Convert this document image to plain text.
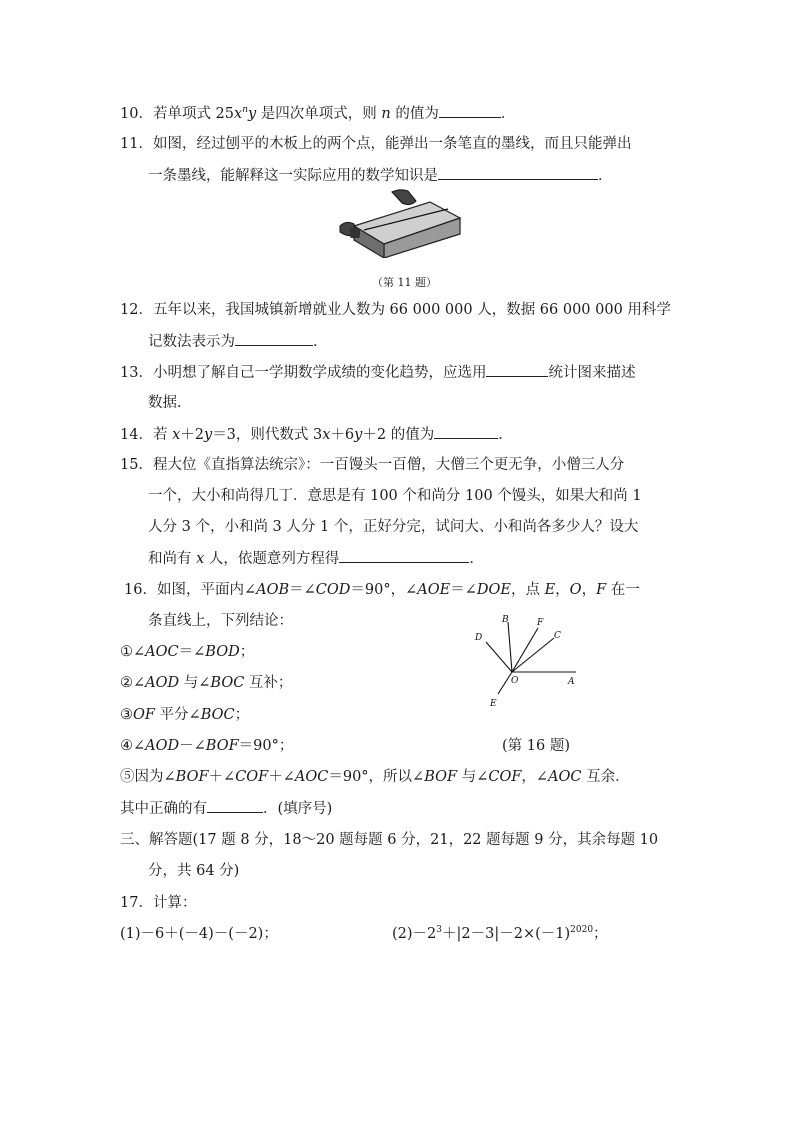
10．若单项式 $25x^ny$ 是四次单项式，则 n 的值为	．
11．如图，经过刨平的木板上的两个点，能弹出一条笔直的墨线，而且只能弹出
一条墨线，能解释这一实际应用的数学知识是	．
（第 11 题）
12．五年以来，我国城镇新增就业人数为 66 000 000 人，数据 66 000 000 用科学
记数法表示为	．
13．小明想了解自己一学期数学成绩的变化趋势，应选用	统计图来描述
数据．
14．若 x＋2y＝3，则代数式 3x＋6y＋2 的值为	．
15．程大位《直指算法统宗》：一百馒头一百僧，大僧三个更无争，小僧三人分
一个，大小和尚得几丁．意思是有 100 个和尚分 100 个馒头，如果大和尚 1
人分 3 个，小和尚 3 人分 1 个，正好分完，试问大、小和尚各多少人？设大
和尚有 x 人，依题意列方程得	．
16．如图，平面内∠AOB＝∠COD＝90°，∠AOE＝∠DOE，点 E，O，F 在一
条直线上，下列结论：
①∠AOC＝∠BOD；
②∠AOD 与∠BOC 互补；
③OF 平分∠BOC；
④∠AOD－∠BOF＝90°；	(第 16 题)
⑤因为∠BOF＋∠COF＋∠AOC＝90°，所以∠BOF 与∠COF，∠AOC 互余．
其中正确的有	．(填序号)
B	F
C
D
O	A
E
三、解答题(17 题 8 分，18～20 题每题 6 分，21，22 题每题 9 分，其余每题 10
分，共 64 分)
17．计算：
(1)－6＋(－4)－(－2)；	$(2)-2^3+|2-3|-2\times(-1)^{2020}$；
